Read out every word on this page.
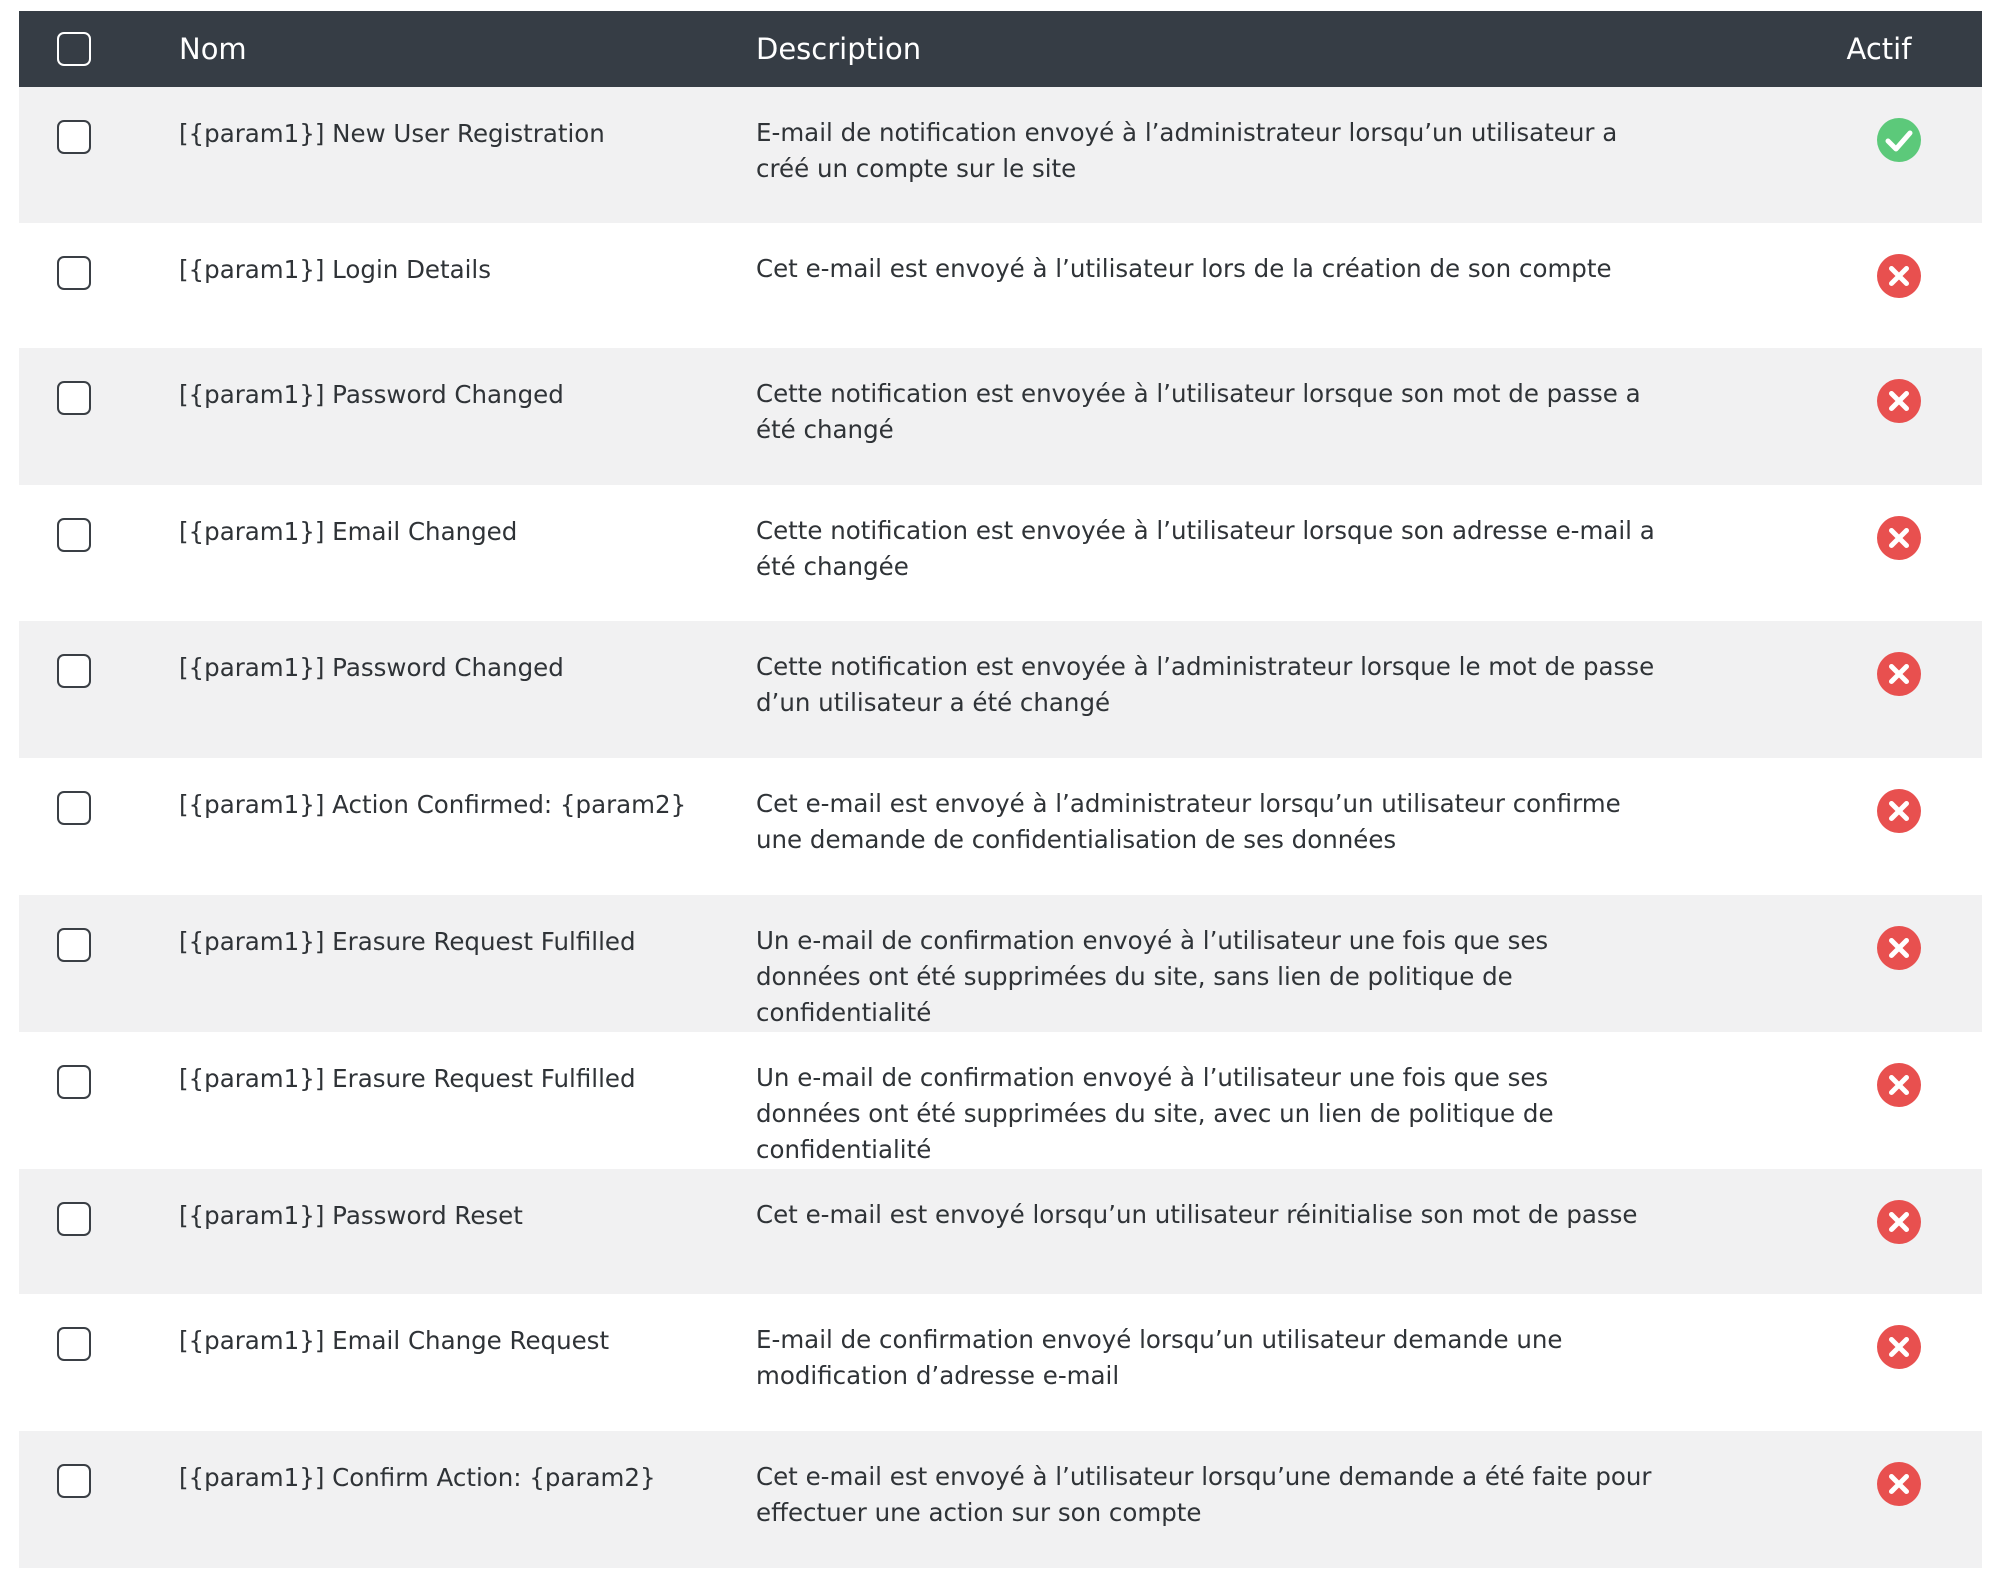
Nom	Description	Actif
[{param1}] New User Registration	E-mail de notification envoyé à l’administrateur lorsqu’un utilisateur a créé un compte sur le site
[{param1}] Login Details	Cet e-mail est envoyé à l’utilisateur lors de la création de son compte
[{param1}] Password Changed	Cette notification est envoyée à l’utilisateur lorsque son mot de passe a été changé
[{param1}] Email Changed	Cette notification est envoyée à l’utilisateur lorsque son adresse e-mail a été changée
[{param1}] Password Changed	Cette notification est envoyée à l’administrateur lorsque le mot de passe d’un utilisateur a été changé
[{param1}] Action Confirmed: {param2}	Cet e-mail est envoyé à l’administrateur lorsqu’un utilisateur confirme une demande de confidentialisation de ses données
[{param1}] Erasure Request Fulfilled	Un e-mail de confirmation envoyé à l’utilisateur une fois que ses données ont été supprimées du site, sans lien de politique de confidentialité
[{param1}] Erasure Request Fulfilled	Un e-mail de confirmation envoyé à l’utilisateur une fois que ses données ont été supprimées du site, avec un lien de politique de confidentialité
[{param1}] Password Reset	Cet e-mail est envoyé lorsqu’un utilisateur réinitialise son mot de passe
[{param1}] Email Change Request	E-mail de confirmation envoyé lorsqu’un utilisateur demande une modification d’adresse e-mail
[{param1}] Confirm Action: {param2}	Cet e-mail est envoyé à l’utilisateur lorsqu’une demande a été faite pour effectuer une action sur son compte
